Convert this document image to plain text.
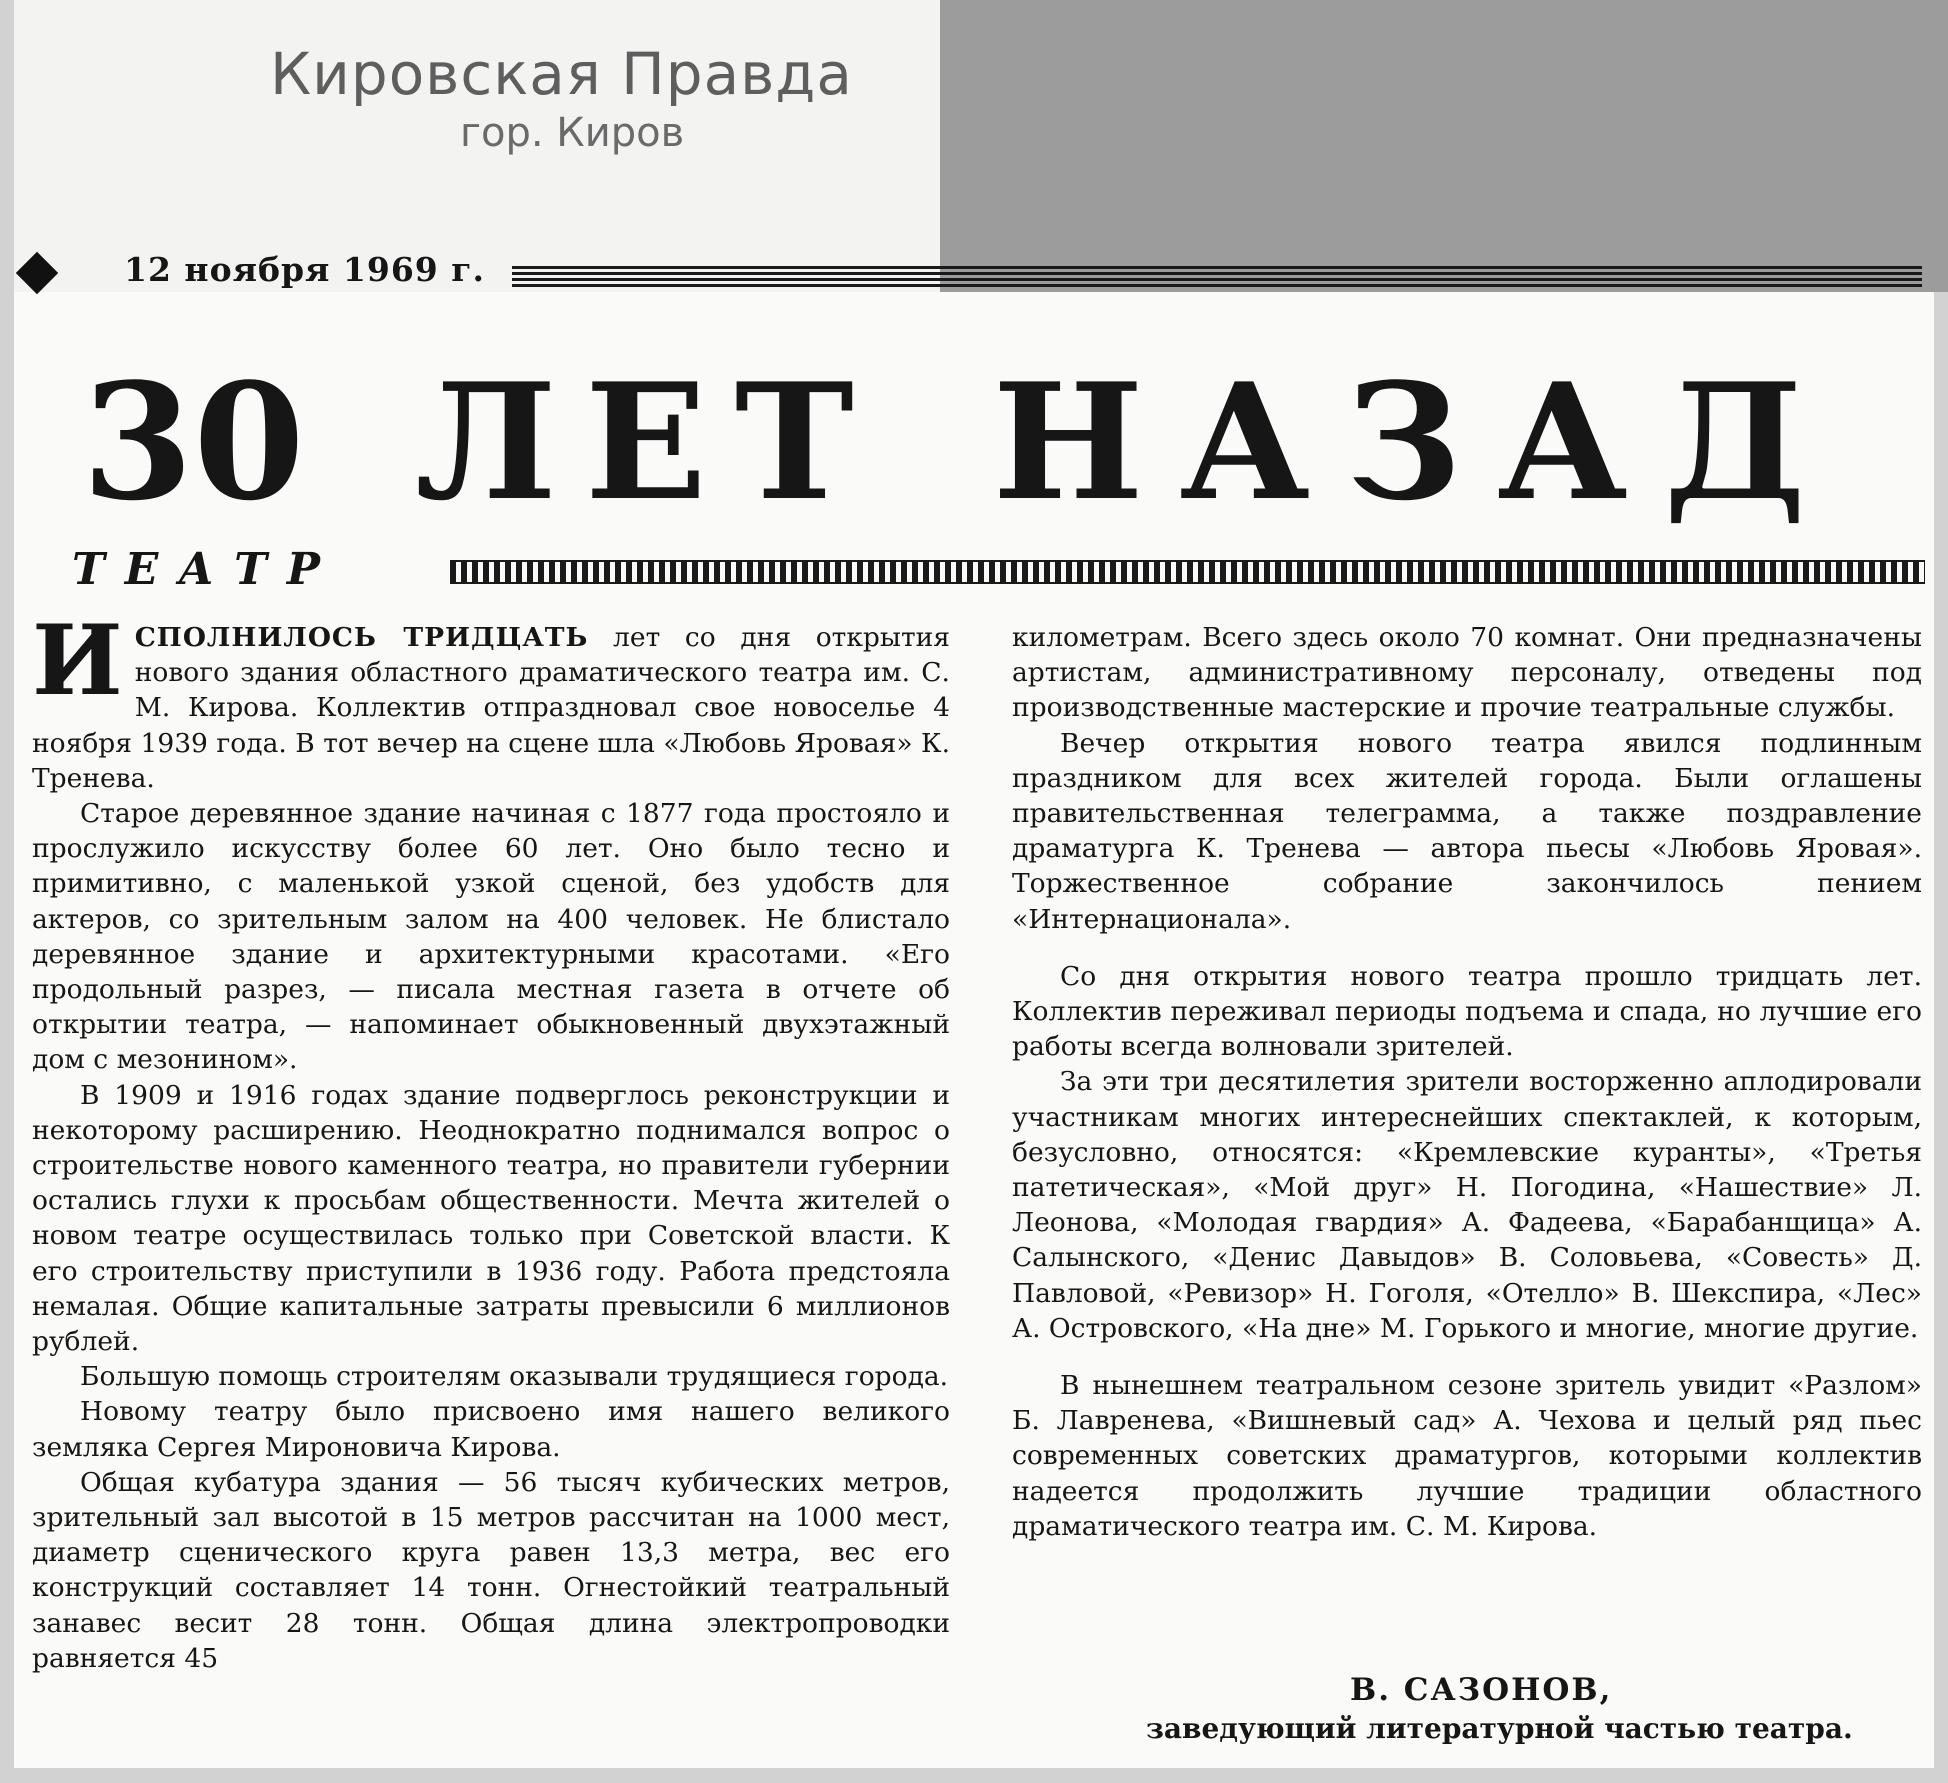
Кировская Правда
гор. Киров
12 ноября 1969 г.
30 ЛЕТ НАЗАД
ТЕАТР

ИСПОЛНИЛОСЬ ТРИДЦАТЬ лет со дня открытия нового здания областного драматического театра им. С. М. Кирова. Коллектив отпраздновал свое новоселье 4 ноября 1939 года. В тот вечер на сцене шла «Любовь Яровая» К. Тренева.

Старое деревянное здание начиная с 1877 года простояло и прослужило искусству более 60 лет. Оно было тесно и примитивно, с маленькой узкой сценой, без удобств для актеров, со зрительным залом на 400 человек. Не блистало деревянное здание и архитектурными красотами. «Его продольный разрез, — писала местная газета в отчете об открытии театра, — напоминает обыкновенный двухэтажный дом с мезонином».

В 1909 и 1916 годах здание подверглось реконструкции и некоторому расширению. Неоднократно поднимался вопрос о строительстве нового каменного театра, но правители губернии остались глухи к просьбам общественности. Мечта жителей о новом театре осуществилась только при Советской власти. К его строительству приступили в 1936 году. Работа предстояла немалая. Общие капитальные затраты превысили 6 миллионов рублей.

Большую помощь строителям оказывали трудящиеся города.

Новому театру было присвоено имя нашего великого земляка Сергея Мироновича Кирова.

Общая кубатура здания — 56 тысяч кубических метров, зрительный зал высотой в 15 метров рассчитан на 1000 мест, диаметр сценического круга равен 13,3 метра, вес его конструкций составляет 14 тонн. Огнестойкий театральный занавес весит 28 тонн. Общая длина электропроводки равняется 45

километрам. Всего здесь около 70 комнат. Они предназначены артистам, административному персоналу, отведены под производственные мастерские и прочие театральные службы.

Вечер открытия нового театра явился подлинным праздником для всех жителей города. Были оглашены правительственная телеграмма, а также поздравление драматурга К. Тренева — автора пьесы «Любовь Яровая». Торжественное собрание закончилось пением «Интернационала».

Со дня открытия нового театра прошло тридцать лет. Коллектив переживал периоды подъема и спада, но лучшие его работы всегда волновали зрителей.

За эти три десятилетия зрители восторженно аплодировали участникам многих интереснейших спектаклей, к которым, безусловно, относятся: «Кремлевские куранты», «Третья патетическая», «Мой друг» Н. Погодина, «Нашествие» Л. Леонова, «Молодая гвардия» А. Фадеева, «Барабанщица» А. Салынского, «Денис Давыдов» В. Соловьева, «Совесть» Д. Павловой, «Ревизор» Н. Гоголя, «Отелло» В. Шекспира, «Лес» А. Островского, «На дне» М. Горького и многие, многие другие.

В нынешнем театральном сезоне зритель увидит «Разлом» Б. Лавренева, «Вишневый сад» А. Чехова и целый ряд пьес современных советских драматургов, которыми коллектив надеется продолжить лучшие традиции областного драматического театра им. С. М. Кирова.

В. САЗОНОВ,
заведующий литературной частью театра.
